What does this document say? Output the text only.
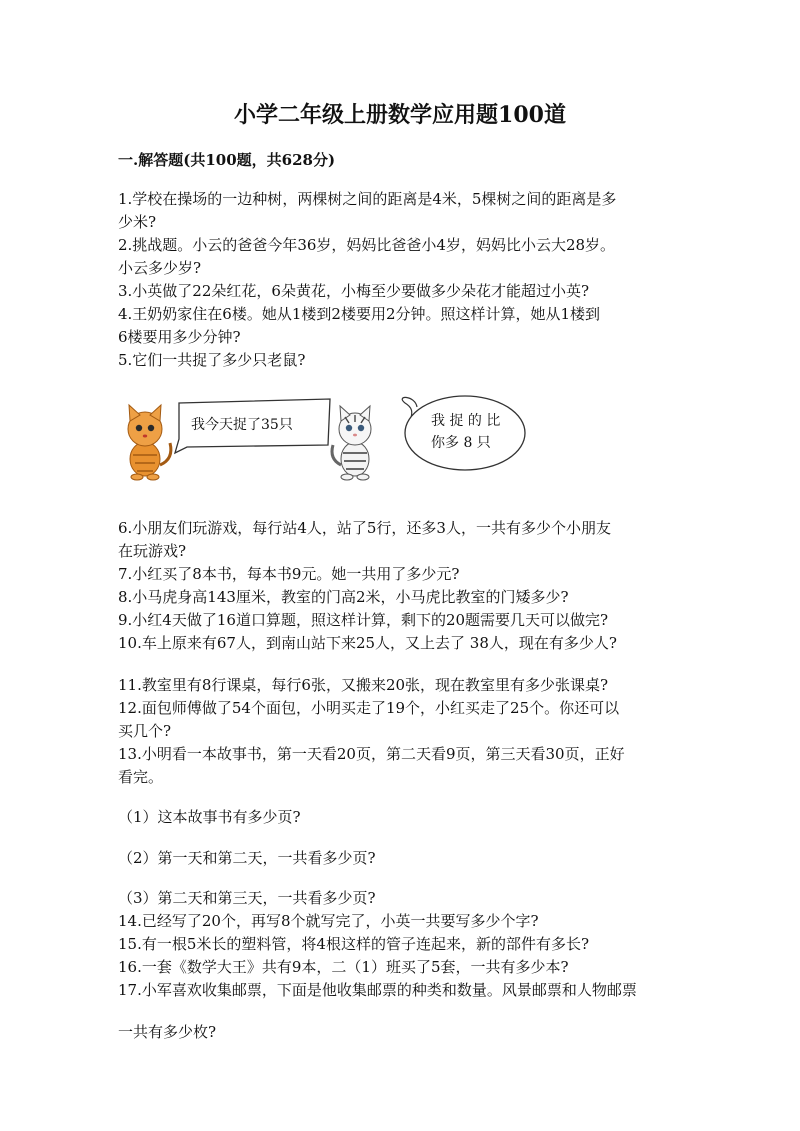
小学二年级上册数学应用题100道
一.解答题(共100题，共628分)
1.学校在操场的一边种树，两棵树之间的距离是4米，5棵树之间的距离是多
少米?
2.挑战题。小云的爸爸今年36岁，妈妈比爸爸小4岁，妈妈比小云大28岁。
小云多少岁?
3.小英做了22朵红花，6朵黄花，小梅至少要做多少朵花才能超过小英?
4.王奶奶家住在6楼。她从1楼到2楼要用2分钟。照这样计算，她从1楼到
6楼要用多少分钟?
5.它们一共捉了多少只老鼠?
我今天捉了35只	我 捉 的 比
你多 8 只
6.小朋友们玩游戏，每行站4人，站了5行，还多3人，一共有多少个小朋友
在玩游戏?
7.小红买了8本书，每本书9元。她一共用了多少元?
8.小马虎身高143厘米，教室的门高2米，小马虎比教室的门矮多少?
9.小红4天做了16道口算题，照这样计算，剩下的20题需要几天可以做完?
10.车上原来有67人，到南山站下来25人，又上去了 38人，现在有多少人?
11.教室里有8行课桌，每行6张，又搬来20张，现在教室里有多少张课桌?
12.面包师傅做了54个面包，小明买走了19个，小红买走了25个。你还可以
买几个?
13.小明看一本故事书，第一天看20页，第二天看9页，第三天看30页，正好
看完。
（1）这本故事书有多少页?
（2）第一天和第二天，一共看多少页?
（3）第二天和第三天，一共看多少页?
14.已经写了20个，再写8个就写完了，小英一共要写多少个字?
15.有一根5米长的塑料管，将4根这样的管子连起来，新的部件有多长?
16.一套《数学大王》共有9本，二（1）班买了5套，一共有多少本?
17.小军喜欢收集邮票，下面是他收集邮票的种类和数量。风景邮票和人物邮票
一共有多少枚?
